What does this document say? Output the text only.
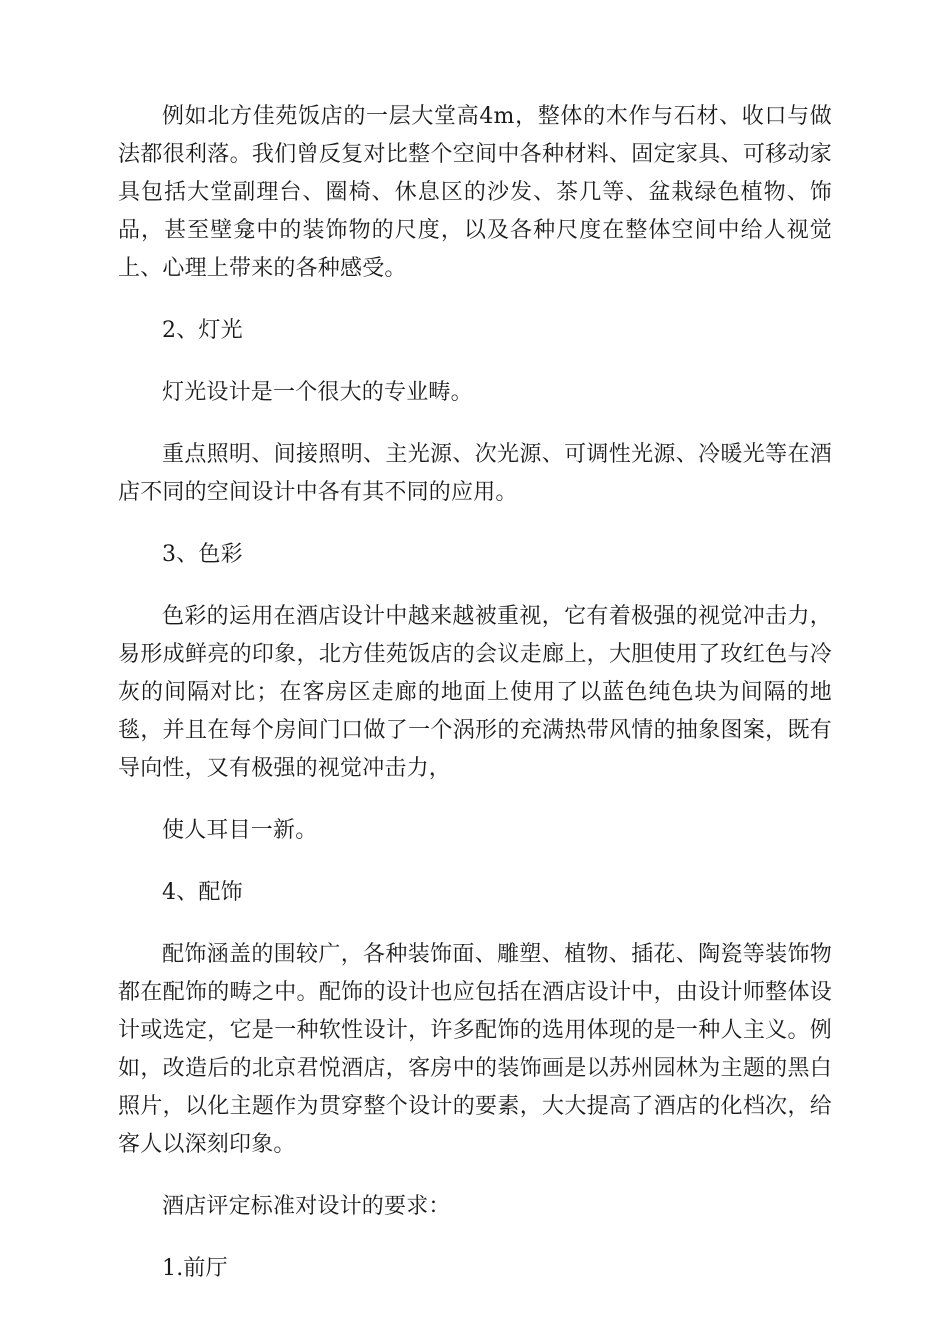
例如北方佳苑饭店的一层大堂高4m，整体的木作与石材、收口与做法都很利落。我们曾反复对比整个空间中各种材料、固定家具、可移动家具包括大堂副理台、圈椅、休息区的沙发、茶几等、盆栽绿色植物、饰品，甚至壁龛中的装饰物的尺度，以及各种尺度在整体空间中给人视觉上、心理上带来的各种感受。

2、灯光

灯光设计是一个很大的专业畴。

重点照明、间接照明、主光源、次光源、可调性光源、冷暖光等在酒店不同的空间设计中各有其不同的应用。

3、色彩

色彩的运用在酒店设计中越来越被重视，它有着极强的视觉冲击力，易形成鲜亮的印象，北方佳苑饭店的会议走廊上，大胆使用了玫红色与冷灰的间隔对比；在客房区走廊的地面上使用了以蓝色纯色块为间隔的地毯，并且在每个房间门口做了一个涡形的充满热带风情的抽象图案，既有导向性，又有极强的视觉冲击力，

使人耳目一新。

4、配饰

配饰涵盖的围较广，各种装饰面、雕塑、植物、插花、陶瓷等装饰物都在配饰的畴之中。配饰的设计也应包括在酒店设计中，由设计师整体设计或选定，它是一种软性设计，许多配饰的选用体现的是一种人主义。例如，改造后的北京君悦酒店，客房中的装饰画是以苏州园林为主题的黑白照片，以化主题作为贯穿整个设计的要素，大大提高了酒店的化档次，给客人以深刻印象。

酒店评定标准对设计的要求：

1.前厅
